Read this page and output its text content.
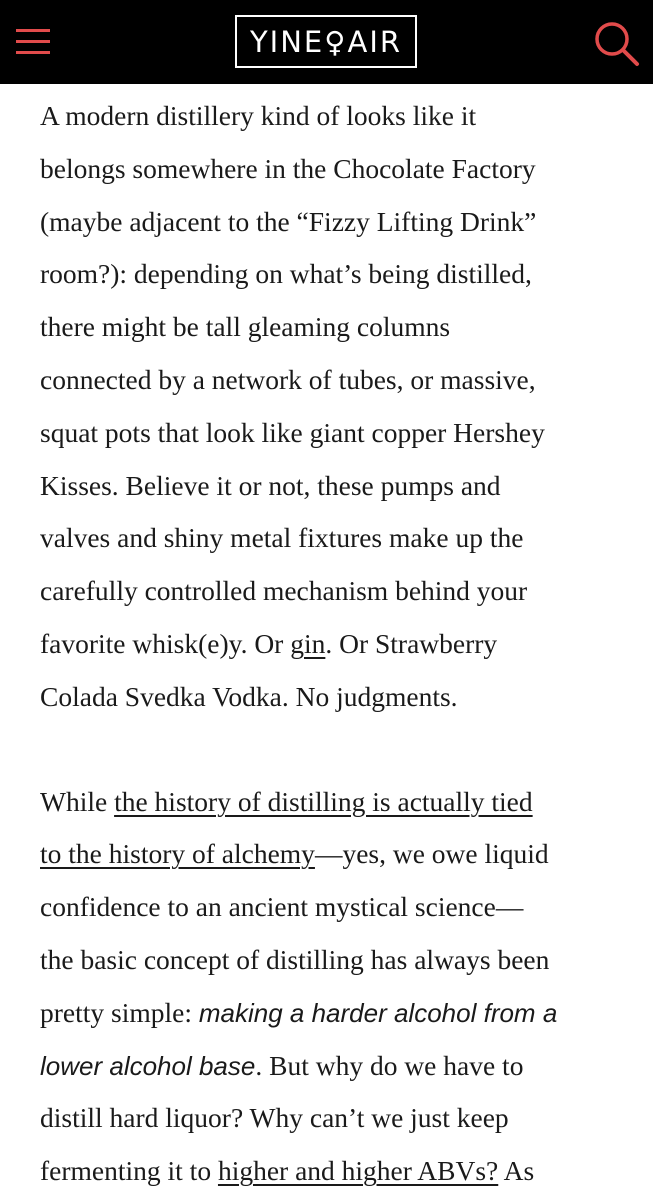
YINE♀AIR

A modern distillery kind of looks like it
belongs somewhere in the Chocolate Factory
(maybe adjacent to the “Fizzy Lifting Drink”
room?): depending on what’s being distilled,
there might be tall gleaming columns
connected by a network of tubes, or massive,
squat pots that look like giant copper Hershey
Kisses. Believe it or not, these pumps and
valves and shiny metal fixtures make up the
carefully controlled mechanism behind your
favorite whisk(e)y. Or gin. Or Strawberry
Colada Svedka Vodka. No judgments.

While the history of distilling is actually tied
to the history of alchemy—yes, we owe liquid
confidence to an ancient mystical science—
the basic concept of distilling has always been
pretty simple: making a harder alcohol from a
lower alcohol base. But why do we have to
distill hard liquor? Why can’t we just keep
fermenting it to higher and higher ABVs? As
